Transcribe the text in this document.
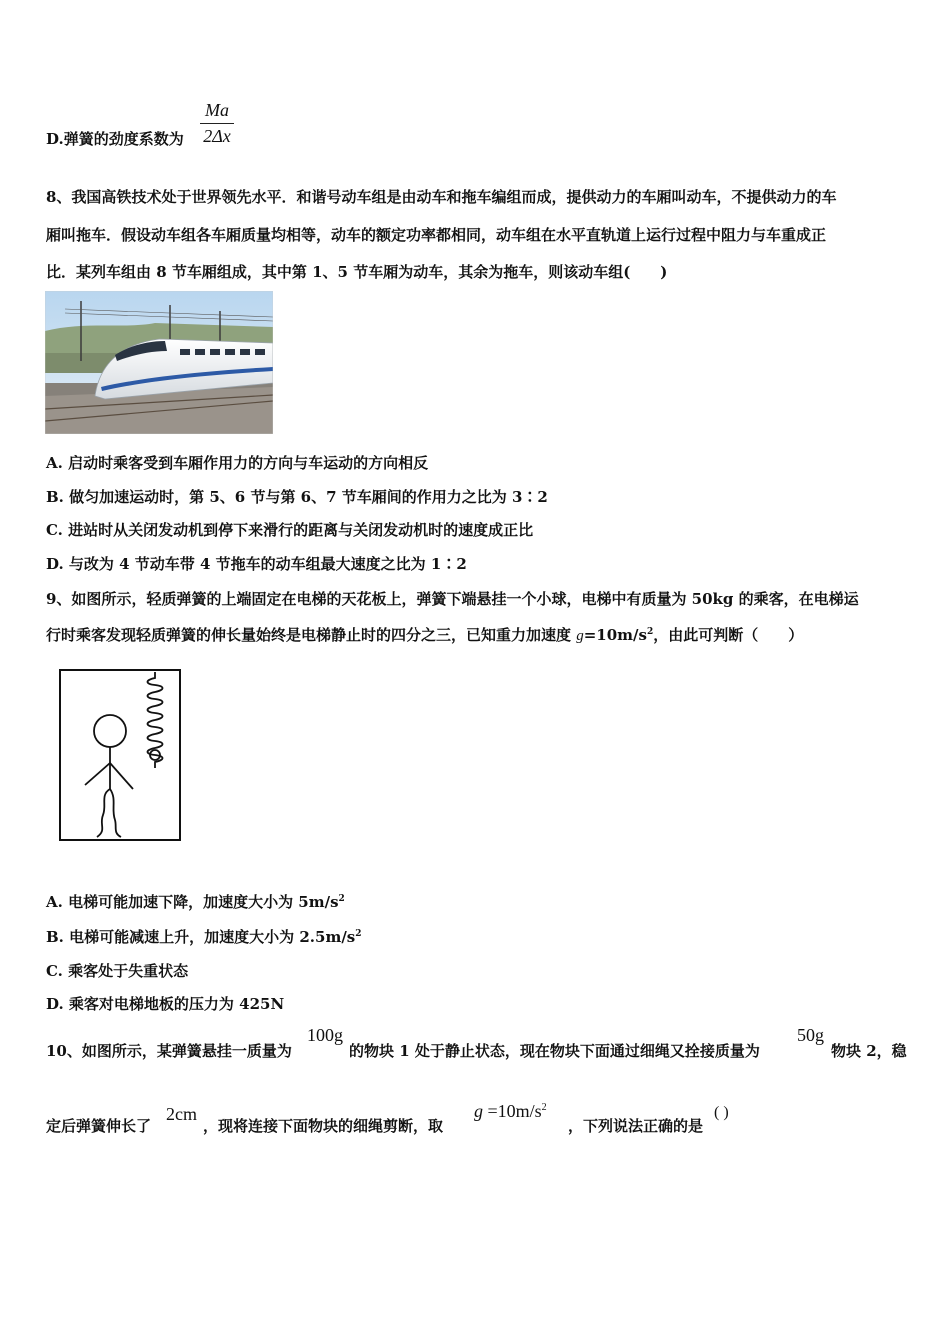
D.弹簧的劲度系数为 $\frac{Ma}{2\Delta x}$
8、我国高铁技术处于世界领先水平．和谐号动车组是由动车和拖车编组而成，提供动力的车厢叫动车，不提供动力的车
厢叫拖车．假设动车组各车厢质量均相等，动车的额定功率都相同，动车组在水平直轨道上运行过程中阻力与车重成正
比．某列车组由 8 节车厢组成，其中第 1、5 节车厢为动车，其余为拖车，则该动车组(　　)
A. 启动时乘客受到车厢作用力的方向与车运动的方向相反
B. 做匀加速运动时，第 5、6 节与第 6、7 节车厢间的作用力之比为 3∶2
C. 进站时从关闭发动机到停下来滑行的距离与关闭发动机时的速度成正比
D. 与改为 4 节动车带 4 节拖车的动车组最大速度之比为 1∶2
9、如图所示，轻质弹簧的上端固定在电梯的天花板上，弹簧下端悬挂一个小球，电梯中有质量为 50kg 的乘客，在电梯运
行时乘客发现轻质弹簧的伸长量始终是电梯静止时的四分之三，已知重力加速度 $g=10m/s^2$，由此可判断（　　）
A. 电梯可能加速下降，加速度大小为 $5m/s^2$
B. 电梯可能减速上升，加速度大小为 $2.5m/s^2$
C. 乘客处于失重状态
D. 乘客对电梯地板的压力为 425N
10、如图所示，某弹簧悬挂一质量为
100g
的物块 1 处于静止状态，现在物块下面通过细绳又拴接质量为
50g
物块 2，稳
定后弹簧伸长了
2cm
，现将连接下面物块的细绳剪断，取
$g =10m/s^2$
，下列说法正确的是
( )
